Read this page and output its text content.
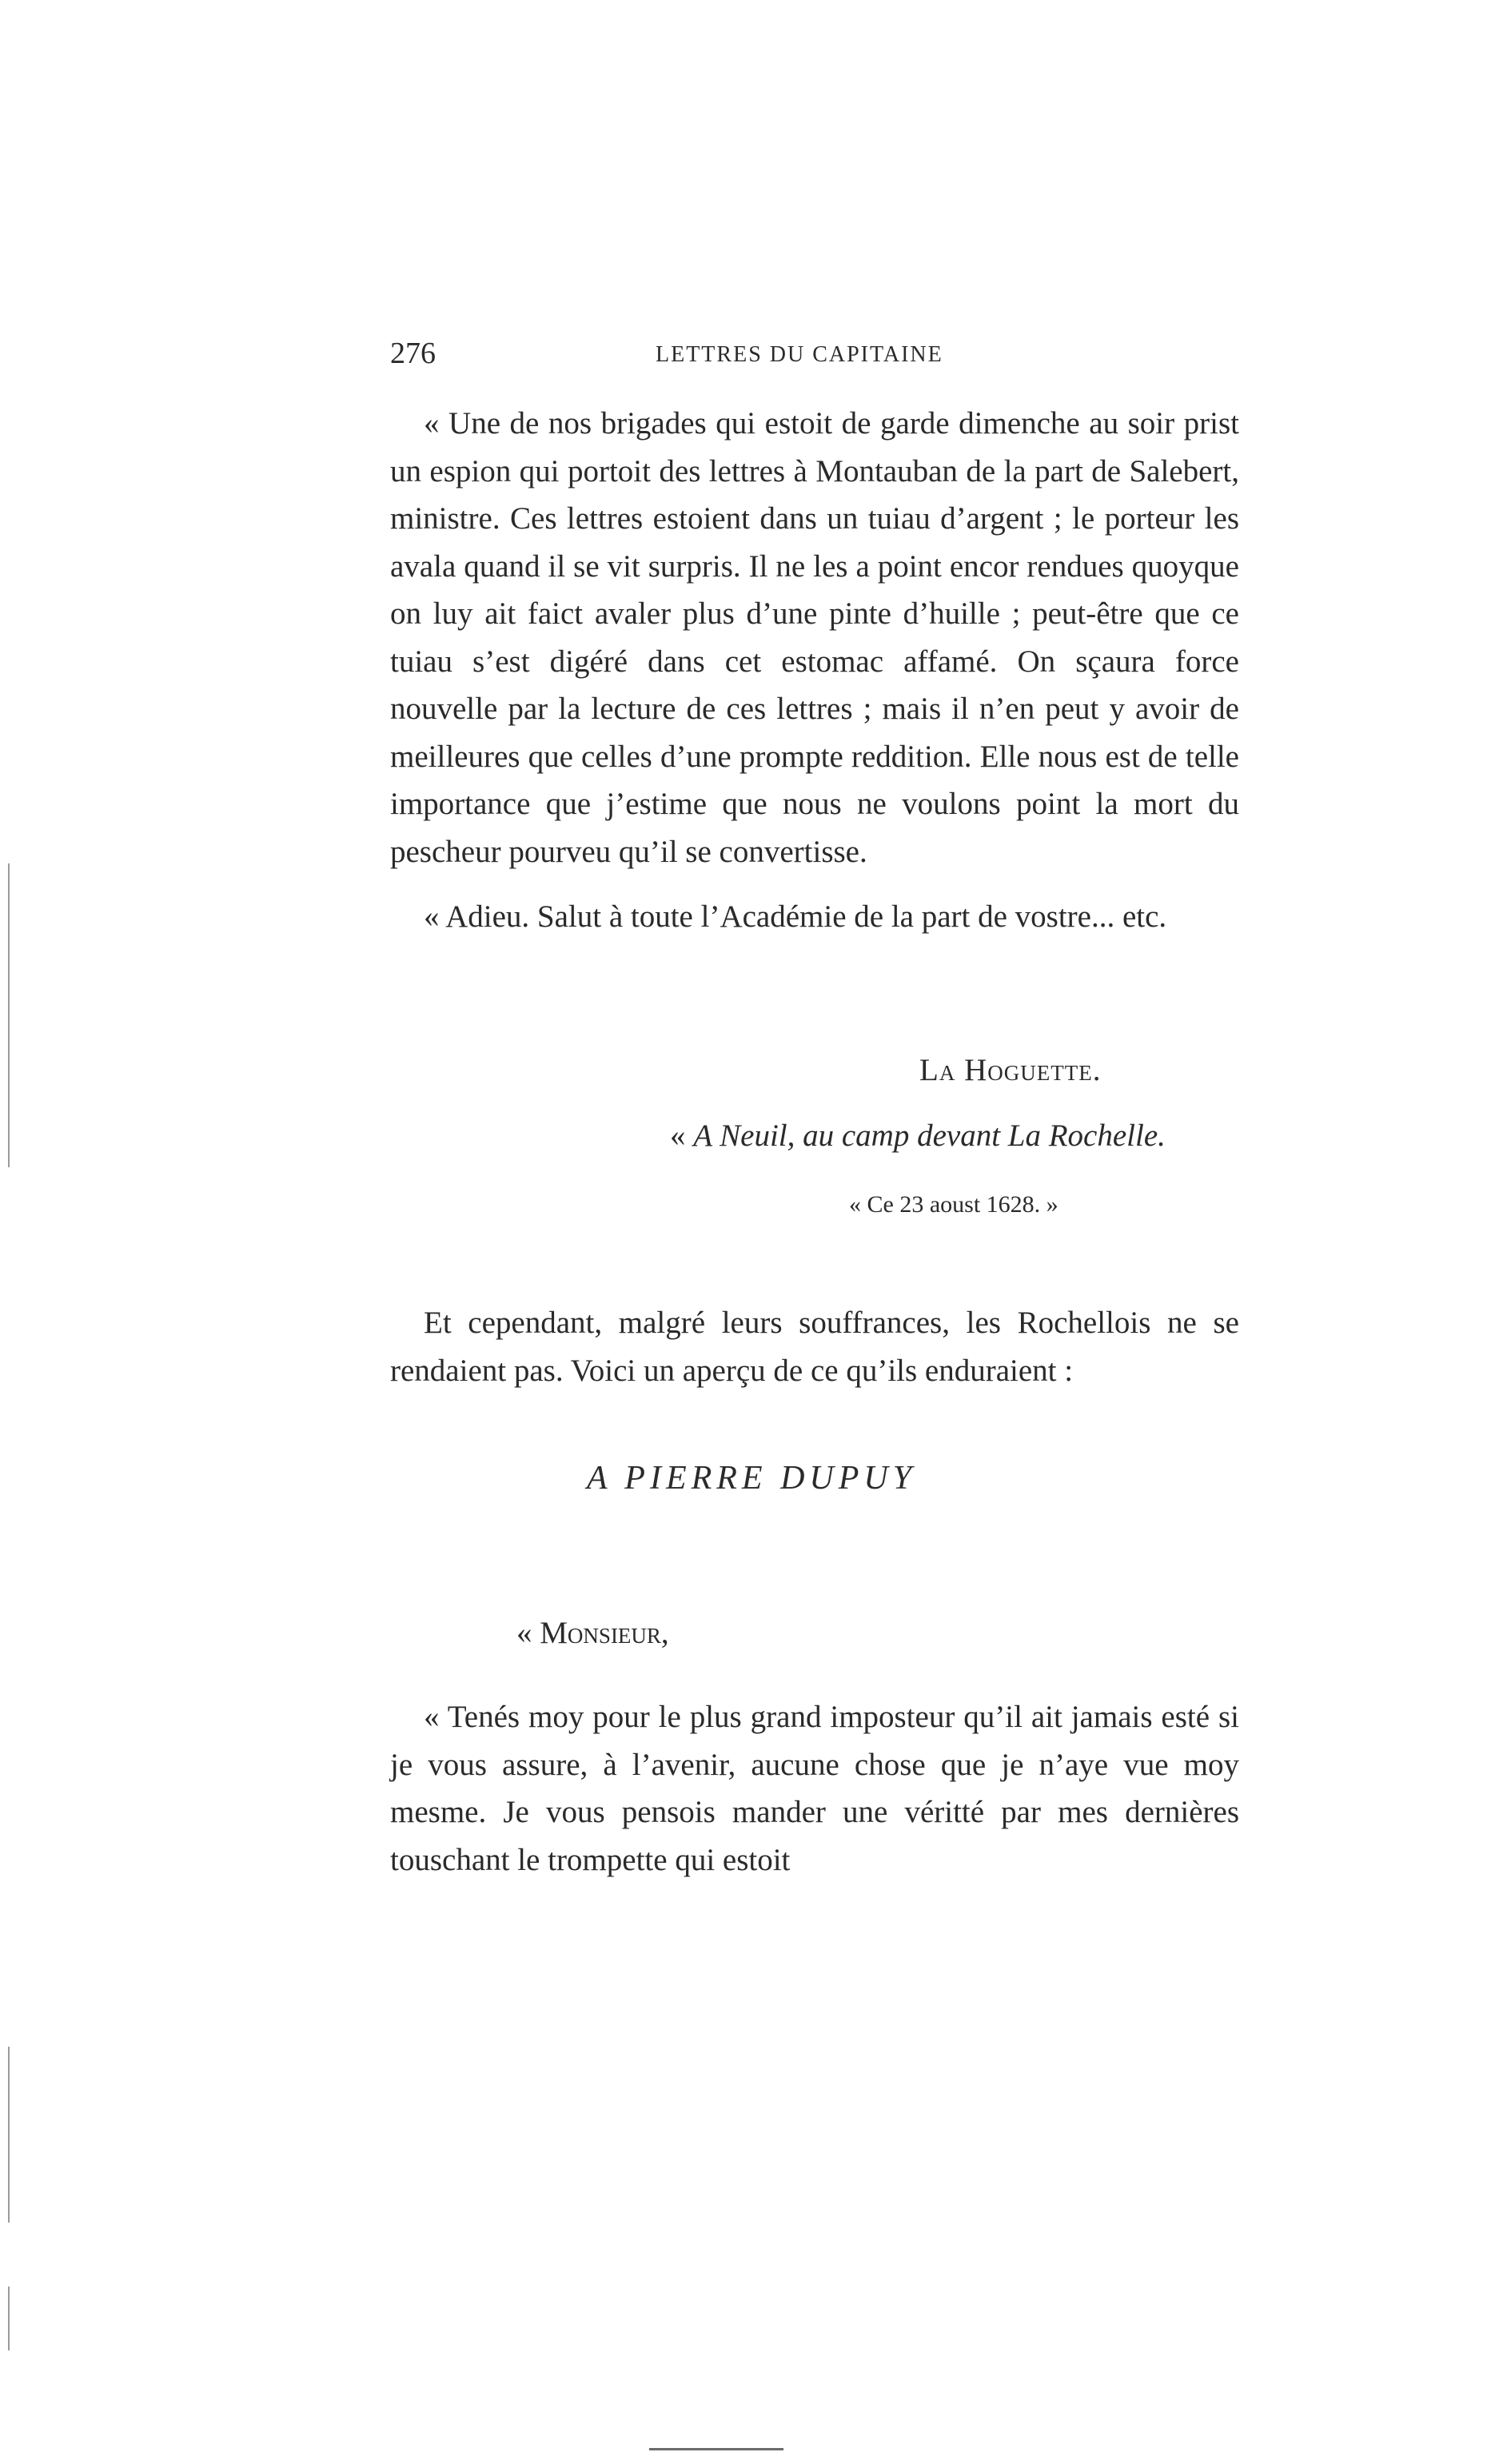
276	LETTRES DU CAPITAINE

« Une de nos brigades qui estoit de garde dimenche au soir prist un espion qui portoit des lettres à Montauban de la part de Salebert, ministre. Ces lettres estoient dans un tuiau d’argent ; le porteur les avala quand il se vit surpris. Il ne les a point encor rendues quoyque on luy ait faict avaler plus d’une pinte d’huille ; peut-être que ce tuiau s’est digéré dans cet estomac affamé. On sçaura force nouvelle par la lecture de ces lettres ; mais il n’en peut y avoir de meilleures que celles d’une prompte reddition. Elle nous est de telle importance que j’estime que nous ne voulons point la mort du pescheur pourveu qu’il se convertisse.

« Adieu. Salut à toute l’Académie de la part de vostre... etc.

La Hoguette.
« A Neuil, au camp devant La Rochelle.
« Ce 23 aoust 1628. »

Et cependant, malgré leurs souffrances, les Rochellois ne se rendaient pas. Voici un aperçu de ce qu’ils enduraient :

A PIERRE DUPUY
« Monsieur,

« Tenés moy pour le plus grand imposteur qu’il ait jamais esté si je vous assure, à l’avenir, aucune chose que je n’aye vue moy mesme. Je vous pensois mander une véritté par mes dernières touschant le trompette qui estoit
